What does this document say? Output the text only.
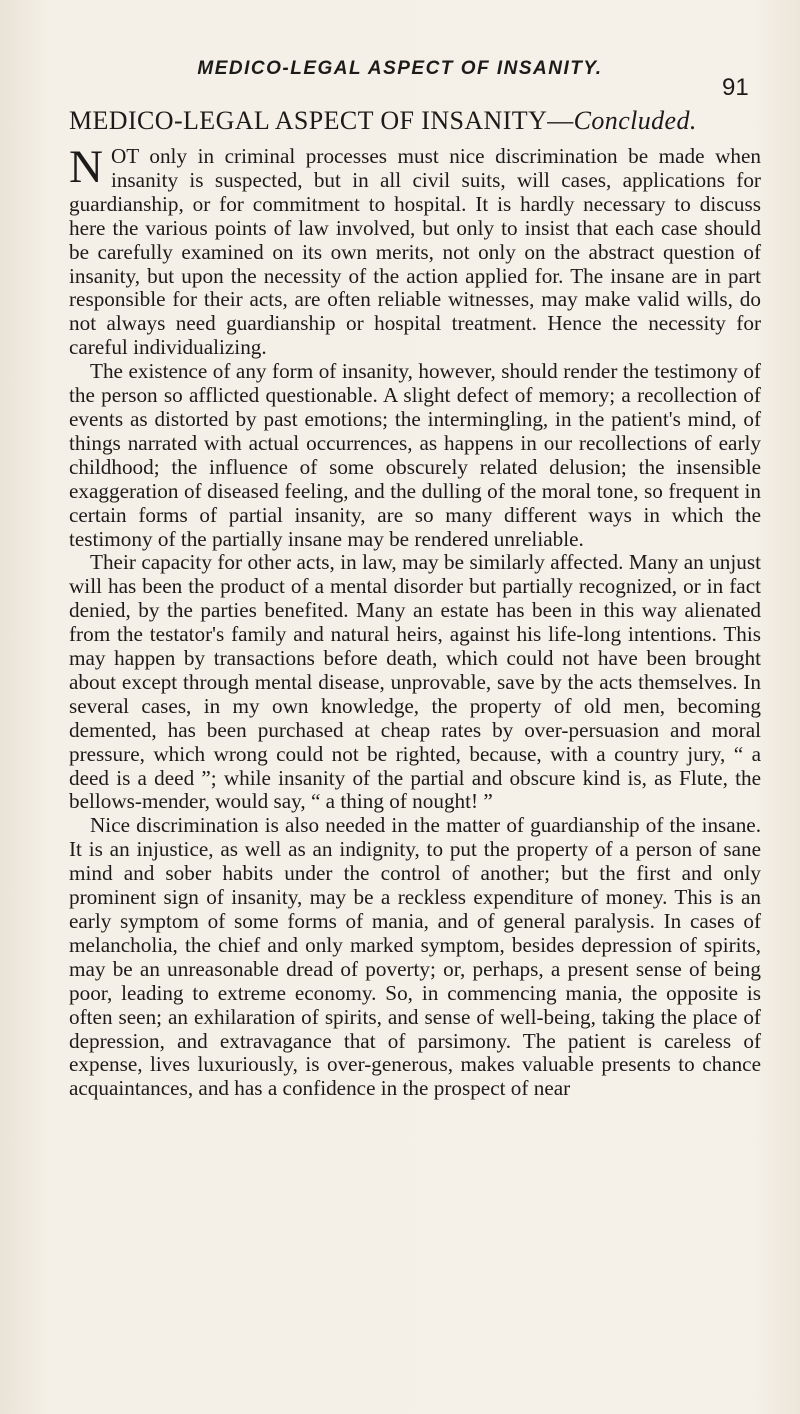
MEDICO-LEGAL ASPECT OF INSANITY.
91
MEDICO-LEGAL ASPECT OF INSANITY—Concluded.

NOT only in criminal processes must nice discrimination be made when insanity is suspected, but in all civil suits, will cases, applications for guardianship, or for commitment to hospital. It is hardly necessary to discuss here the various points of law involved, but only to insist that each case should be carefully examined on its own merits, not only on the abstract question of insanity, but upon the necessity of the action applied for. The insane are in part responsible for their acts, are often reliable witnesses, may make valid wills, do not always need guardianship or hospital treatment. Hence the necessity for careful individualizing.

The existence of any form of insanity, however, should render the testimony of the person so afflicted questionable. A slight defect of memory; a recollection of events as distorted by past emotions; the intermingling, in the patient's mind, of things narrated with actual occurrences, as happens in our recollections of early childhood; the influence of some obscurely related delusion; the insensible exaggeration of diseased feeling, and the dulling of the moral tone, so frequent in certain forms of partial insanity, are so many different ways in which the testimony of the partially insane may be rendered unreliable.

Their capacity for other acts, in law, may be similarly affected. Many an unjust will has been the product of a mental disorder but partially recognized, or in fact denied, by the parties benefited. Many an estate has been in this way alienated from the testator's family and natural heirs, against his life-long intentions. This may happen by transactions before death, which could not have been brought about except through mental disease, unprovable, save by the acts themselves. In several cases, in my own knowledge, the property of old men, becoming demented, has been purchased at cheap rates by over-persuasion and moral pressure, which wrong could not be righted, because, with a country jury, “ a deed is a deed ”; while insanity of the partial and obscure kind is, as Flute, the bellows-mender, would say, “ a thing of nought! ”

Nice discrimination is also needed in the matter of guardianship of the insane. It is an injustice, as well as an indignity, to put the property of a person of sane mind and sober habits under the control of another; but the first and only prominent sign of insanity, may be a reckless expenditure of money. This is an early symptom of some forms of mania, and of general paralysis. In cases of melancholia, the chief and only marked symptom, besides depression of spirits, may be an unreasonable dread of poverty; or, perhaps, a present sense of being poor, leading to extreme economy. So, in commencing mania, the opposite is often seen; an exhilaration of spirits, and sense of well-being, taking the place of depression, and extravagance that of parsimony. The patient is careless of expense, lives luxuriously, is over-generous, makes valuable presents to chance acquaintances, and has a confidence in the prospect of near
